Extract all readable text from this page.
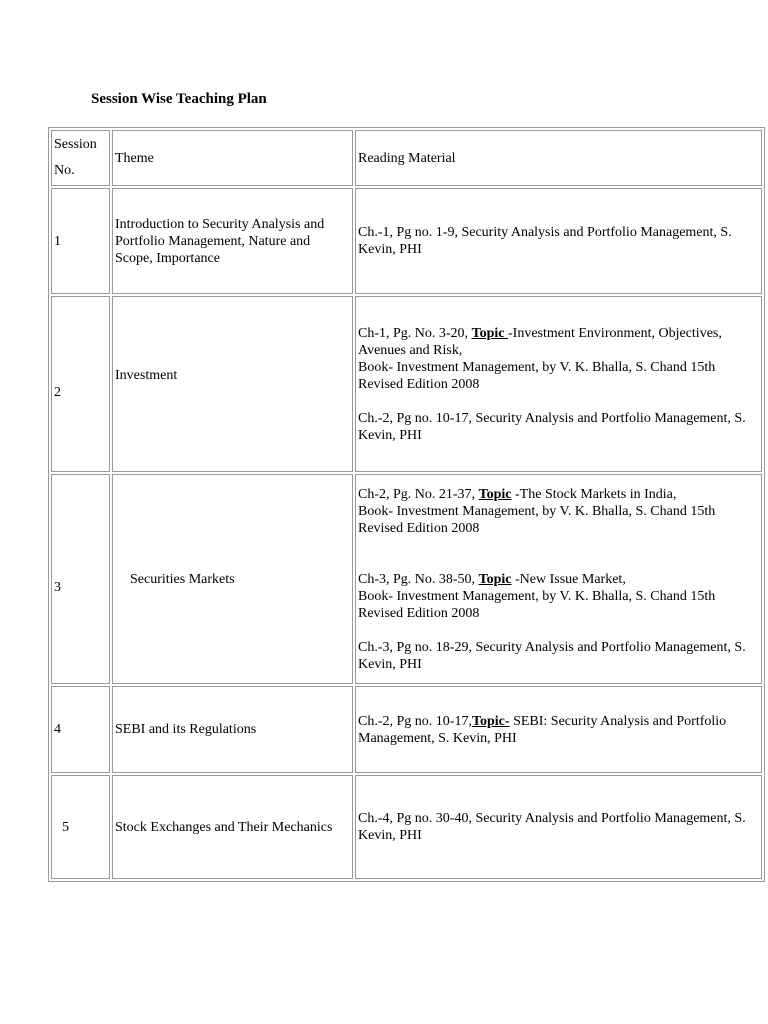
Session Wise Teaching Plan
Session
No.	Theme	Reading Material
1	Introduction to Security Analysis and Portfolio Management, Nature and Scope, Importance	Ch.-1, Pg no. 1-9, Security Analysis and Portfolio Management, S. Kevin, PHI

2	Investment	Ch-1, Pg. No. 3-20, Topic -Investment Environment, Objectives, Avenues and Risk,
Book- Investment Management, by V. K. Bhalla, S. Chand 15th Revised Edition 2008
Ch.-2, Pg no. 10-17, Security Analysis and Portfolio Management, S. Kevin, PHI

3	Securities Markets	Ch-2, Pg. No. 21-37, Topic -The Stock Markets in India,
Book- Investment Management, by V. K. Bhalla, S. Chand 15th Revised Edition 2008
Ch-3, Pg. No. 38-50, Topic -New Issue Market,
Book- Investment Management, by V. K. Bhalla, S. Chand 15th Revised Edition 2008
Ch.-3, Pg no. 18-29, Security Analysis and Portfolio Management, S. Kevin, PHI

4	SEBI and its Regulations	Ch.-2, Pg no. 10-17,Topic- SEBI: Security Analysis and Portfolio Management, S. Kevin, PHI
5	Stock Exchanges and Their Mechanics	Ch.-4, Pg no. 30-40, Security Analysis and Portfolio Management, S. Kevin, PHI
